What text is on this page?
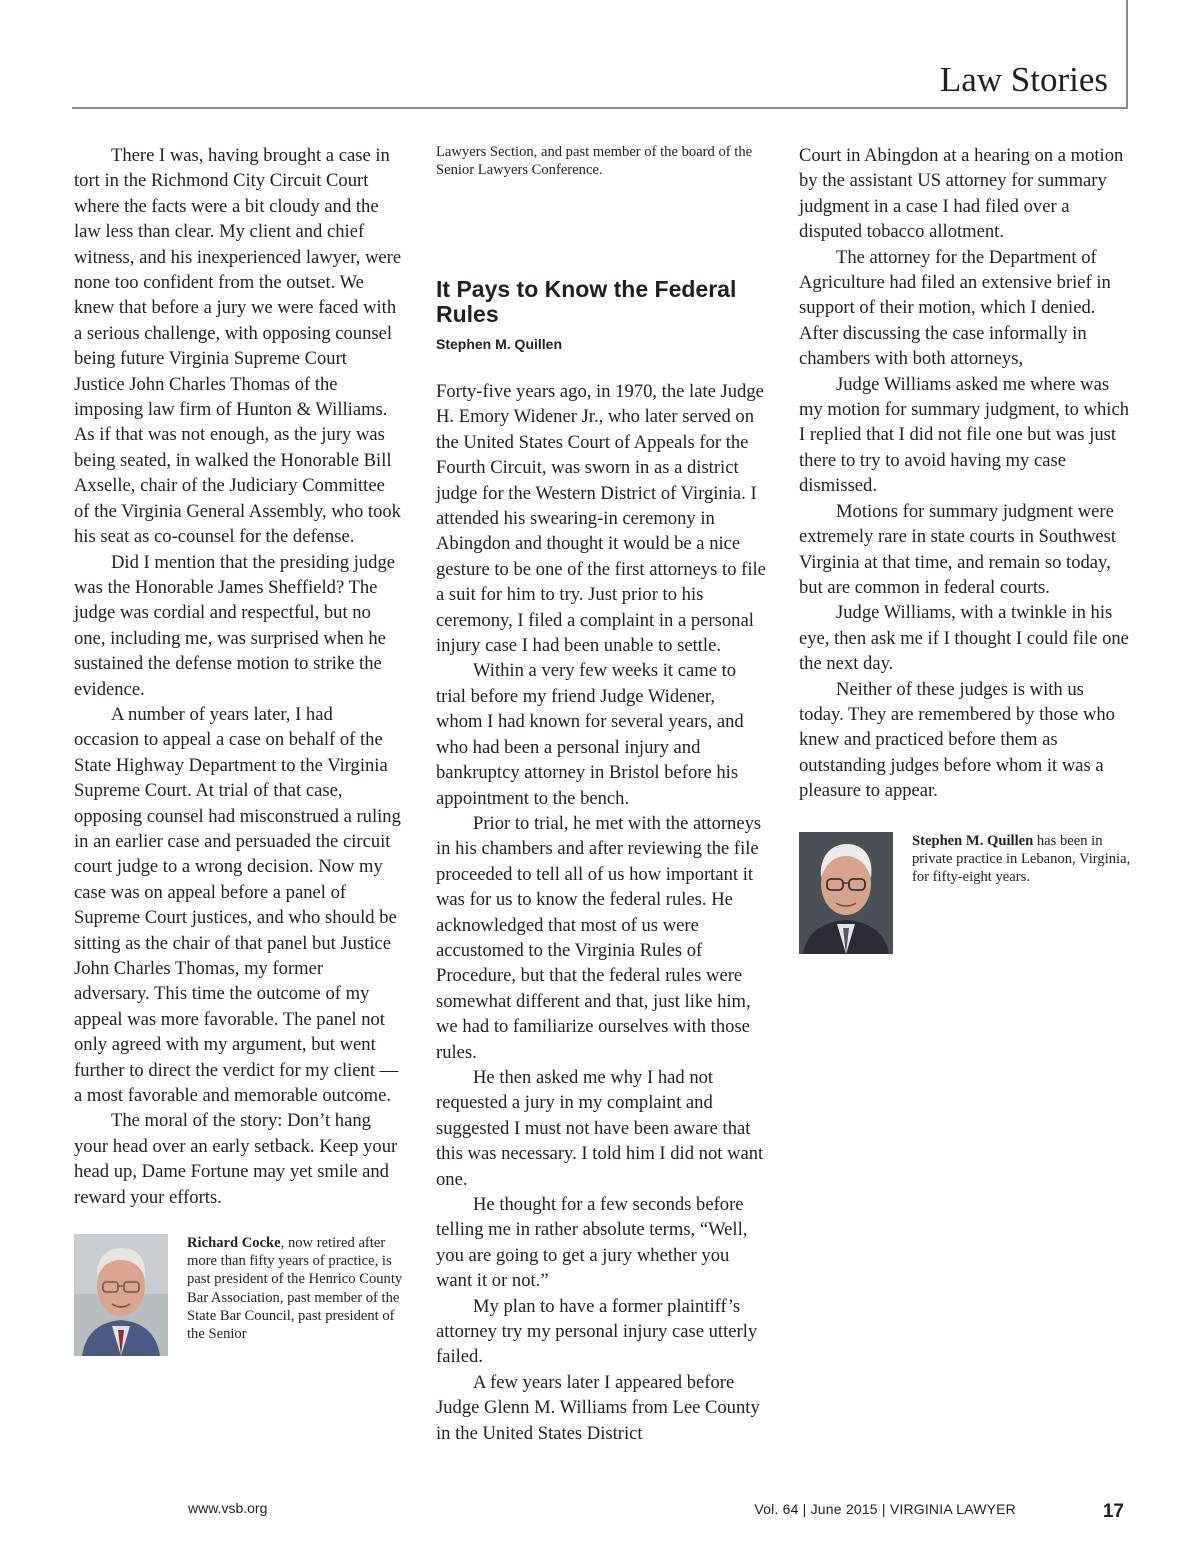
Law Stories

There I was, having brought a case in tort in the Richmond City Circuit Court where the facts were a bit cloudy and the law less than clear. My client and chief witness, and his inexperienced lawyer, were none too confident from the outset. We knew that before a jury we were faced with a serious challenge, with opposing counsel being future Virginia Supreme Court Justice John Charles Thomas of the imposing law firm of Hunton & Williams. As if that was not enough, as the jury was being seated, in walked the Honorable Bill Axselle, chair of the Judiciary Committee of the Virginia General Assembly, who took his seat as co-counsel for the defense.

Did I mention that the presiding judge was the Honorable James Sheffield? The judge was cordial and respectful, but no one, including me, was surprised when he sustained the defense motion to strike the evidence.

A number of years later, I had occasion to appeal a case on behalf of the State Highway Department to the Virginia Supreme Court. At trial of that case, opposing counsel had misconstrued a ruling in an earlier case and persuaded the circuit court judge to a wrong decision. Now my case was on appeal before a panel of Supreme Court justices, and who should be sitting as the chair of that panel but Justice John Charles Thomas, my former adversary. This time the outcome of my appeal was more favorable. The panel not only agreed with my argument, but went further to direct the verdict for my client — a most favorable and memorable outcome.

The moral of the story: Don’t hang your head over an early setback. Keep your head up, Dame Fortune may yet smile and reward your efforts.

Richard Cocke, now retired after more than fifty years of practice, is past president of the Henrico County Bar Association, past member of the State Bar Council, past president of the Senior

Lawyers Section, and past member of the board of the Senior Lawyers Conference.

It Pays to Know the Federal Rules

Stephen M. Quillen

Forty-five years ago, in 1970, the late Judge H. Emory Widener Jr., who later served on the United States Court of Appeals for the Fourth Circuit, was sworn in as a district judge for the Western District of Virginia. I attended his swearing-in ceremony in Abingdon and thought it would be a nice gesture to be one of the first attorneys to file a suit for him to try. Just prior to his ceremony, I filed a complaint in a personal injury case I had been unable to settle.

Within a very few weeks it came to trial before my friend Judge Widener, whom I had known for several years, and who had been a personal injury and bankruptcy attorney in Bristol before his appointment to the bench.

Prior to trial, he met with the attorneys in his chambers and after reviewing the file proceeded to tell all of us how important it was for us to know the federal rules. He acknowledged that most of us were accustomed to the Virginia Rules of Procedure, but that the federal rules were somewhat different and that, just like him, we had to familiarize ourselves with those rules.

He then asked me why I had not requested a jury in my complaint and suggested I must not have been aware that this was necessary. I told him I did not want one.

He thought for a few seconds before telling me in rather absolute terms, “Well, you are going to get a jury whether you want it or not.”

My plan to have a former plaintiff’s attorney try my personal injury case utterly failed.

A few years later I appeared before Judge Glenn M. Williams from Lee County in the United States District

Court in Abingdon at a hearing on a motion by the assistant US attorney for summary judgment in a case I had filed over a disputed tobacco allotment.

The attorney for the Department of Agriculture had filed an extensive brief in support of their motion, which I denied. After discussing the case informally in chambers with both attorneys,

Judge Williams asked me where was my motion for summary judgment, to which I replied that I did not file one but was just there to try to avoid having my case dismissed.

Motions for summary judgment were extremely rare in state courts in Southwest Virginia at that time, and remain so today, but are common in federal courts.

Judge Williams, with a twinkle in his eye, then ask me if I thought I could file one the next day.

Neither of these judges is with us today. They are remembered by those who knew and practiced before them as outstanding judges before whom it was a pleasure to appear.

Stephen M. Quillen has been in private practice in Lebanon, Virginia, for fifty-eight years.

www.vsb.org	Vol. 64 | June 2015 | VIRGINIA LAWYER	17
